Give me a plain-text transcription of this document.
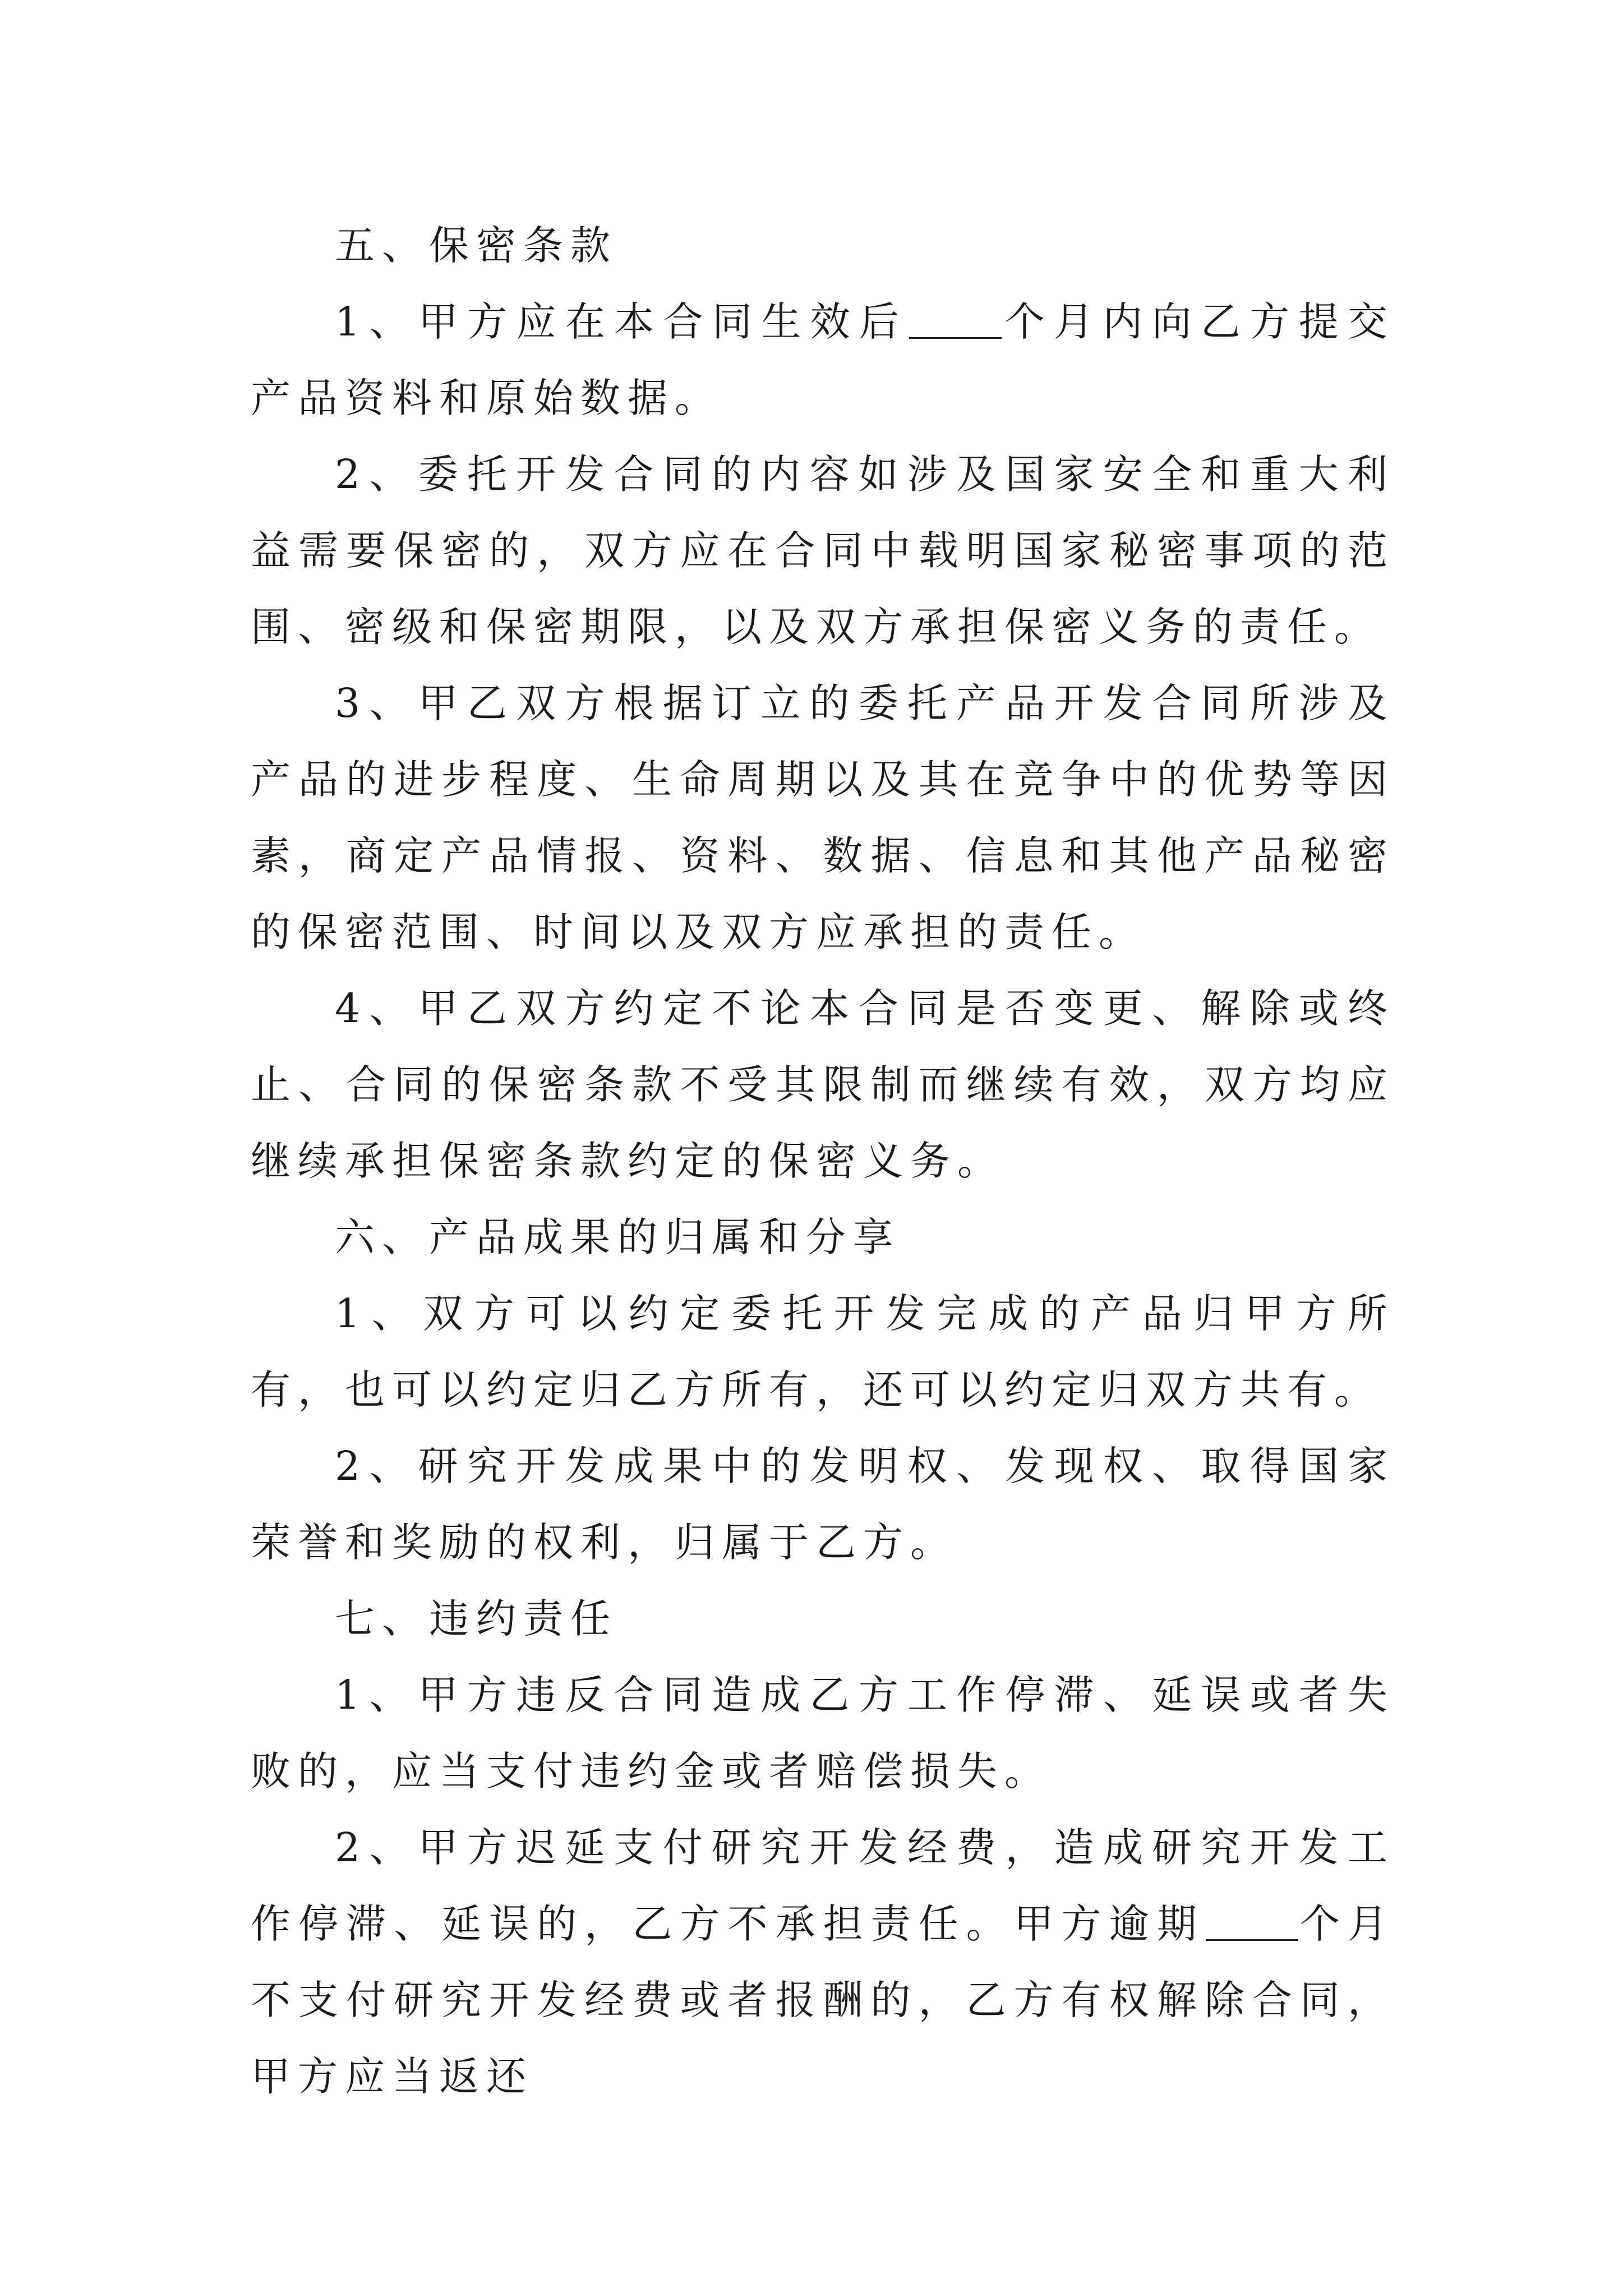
五、保密条款

1、甲方应在本合同生效后 个月内向乙方提交产品资料和原始数据。

2、委托开发合同的内容如涉及国家安全和重大利益需要保密的，双方应在合同中载明国家秘密事项的范围、密级和保密期限，以及双方承担保密义务的责任。

3、甲乙双方根据订立的委托产品开发合同所涉及产品的进步程度、生命周期以及其在竞争中的优势等因素，商定产品情报、资料、数据、信息和其他产品秘密的保密范围、时间以及双方应承担的责任。

4、甲乙双方约定不论本合同是否变更、解除或终止、合同的保密条款不受其限制而继续有效，双方均应继续承担保密条款约定的保密义务。

六、产品成果的归属和分享

1、双方可以约定委托开发完成的产品归甲方所有，也可以约定归乙方所有，还可以约定归双方共有。

2、研究开发成果中的发明权、发现权、取得国家荣誉和奖励的权利，归属于乙方。

七、违约责任

1、甲方违反合同造成乙方工作停滞、延误或者失败的，应当支付违约金或者赔偿损失。

2、甲方迟延支付研究开发经费，造成研究开发工作停滞、延误的，乙方不承担责任。甲方逾期 个月不支付研究开发经费或者报酬的，乙方有权解除合同，甲方应当返还
